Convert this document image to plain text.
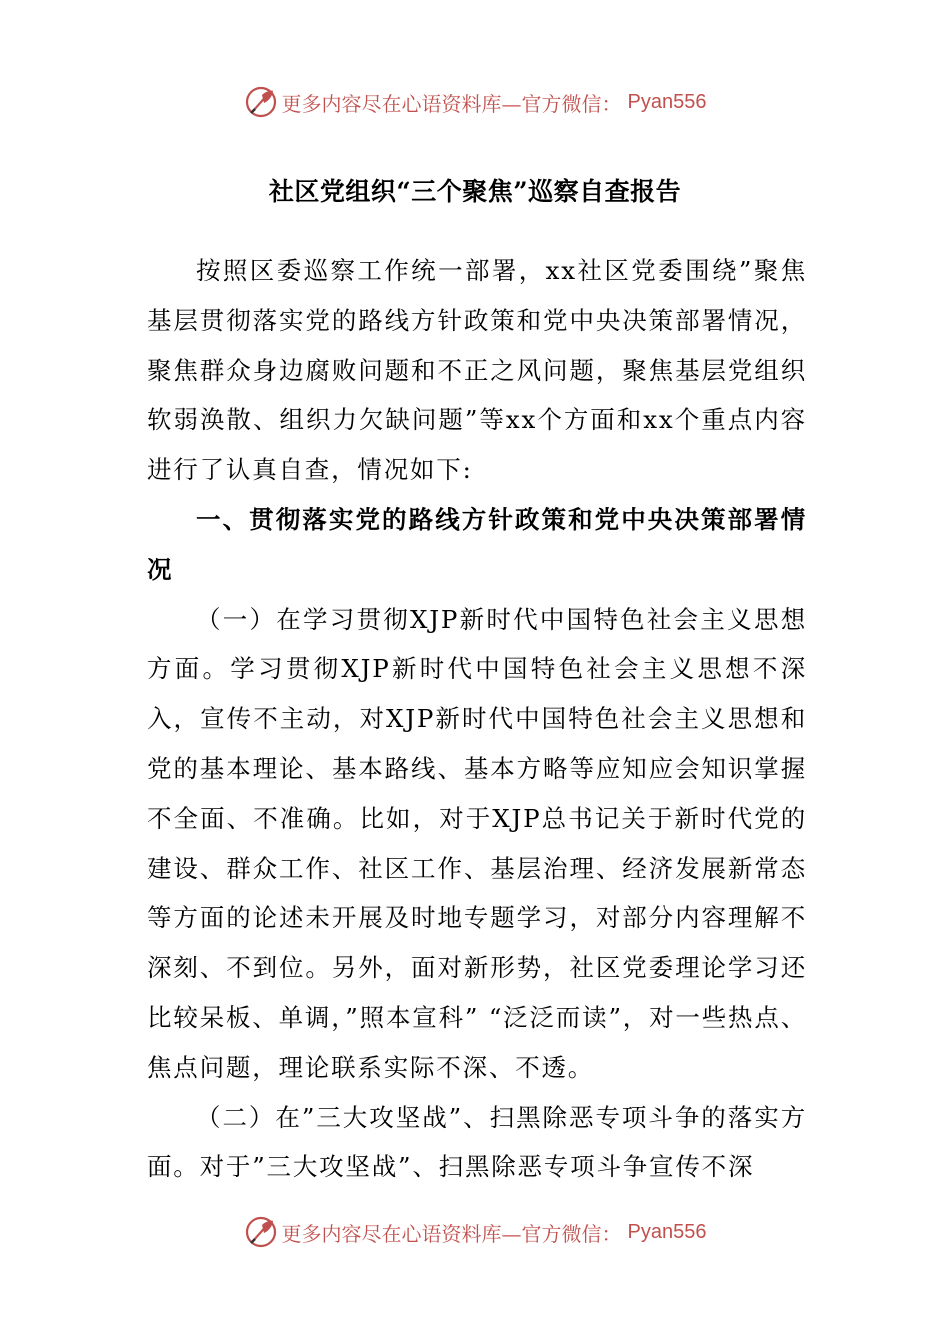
更多内容尽在心语资料库—官方微信： Pyan556
社区党组织“三个聚焦”巡察自查报告

按照区委巡察工作统一部署，xx社区党委围绕”聚焦基层贯彻落实党的路线方针政策和党中央决策部署情况，聚焦群众身边腐败问题和不正之风问题，聚焦基层党组织软弱涣散、组织力欠缺问题”等xx个方面和xx个重点内容进行了认真自查，情况如下:

一、贯彻落实党的路线方针政策和党中央决策部署情况

（一）在学习贯彻XJP新时代中国特色社会主义思想方面。学习贯彻XJP新时代中国特色社会主义思想不深入，宣传不主动，对XJP新时代中国特色社会主义思想和党的基本理论、基本路线、基本方略等应知应会知识掌握不全面、不准确。比如，对于XJP总书记关于新时代党的建设、群众工作、社区工作、基层治理、经济发展新常态等方面的论述未开展及时地专题学习，对部分内容理解不深刻、不到位。另外，面对新形势，社区党委理论学习还比较呆板、单调，”照本宣科” “泛泛而读”，对一些热点、焦点问题，理论联系实际不深、不透。

（二）在”三大攻坚战”、扫黑除恶专项斗争的落实方面。对于”三大攻坚战”、扫黑除恶专项斗争宣传不深

更多内容尽在心语资料库—官方微信： Pyan556
